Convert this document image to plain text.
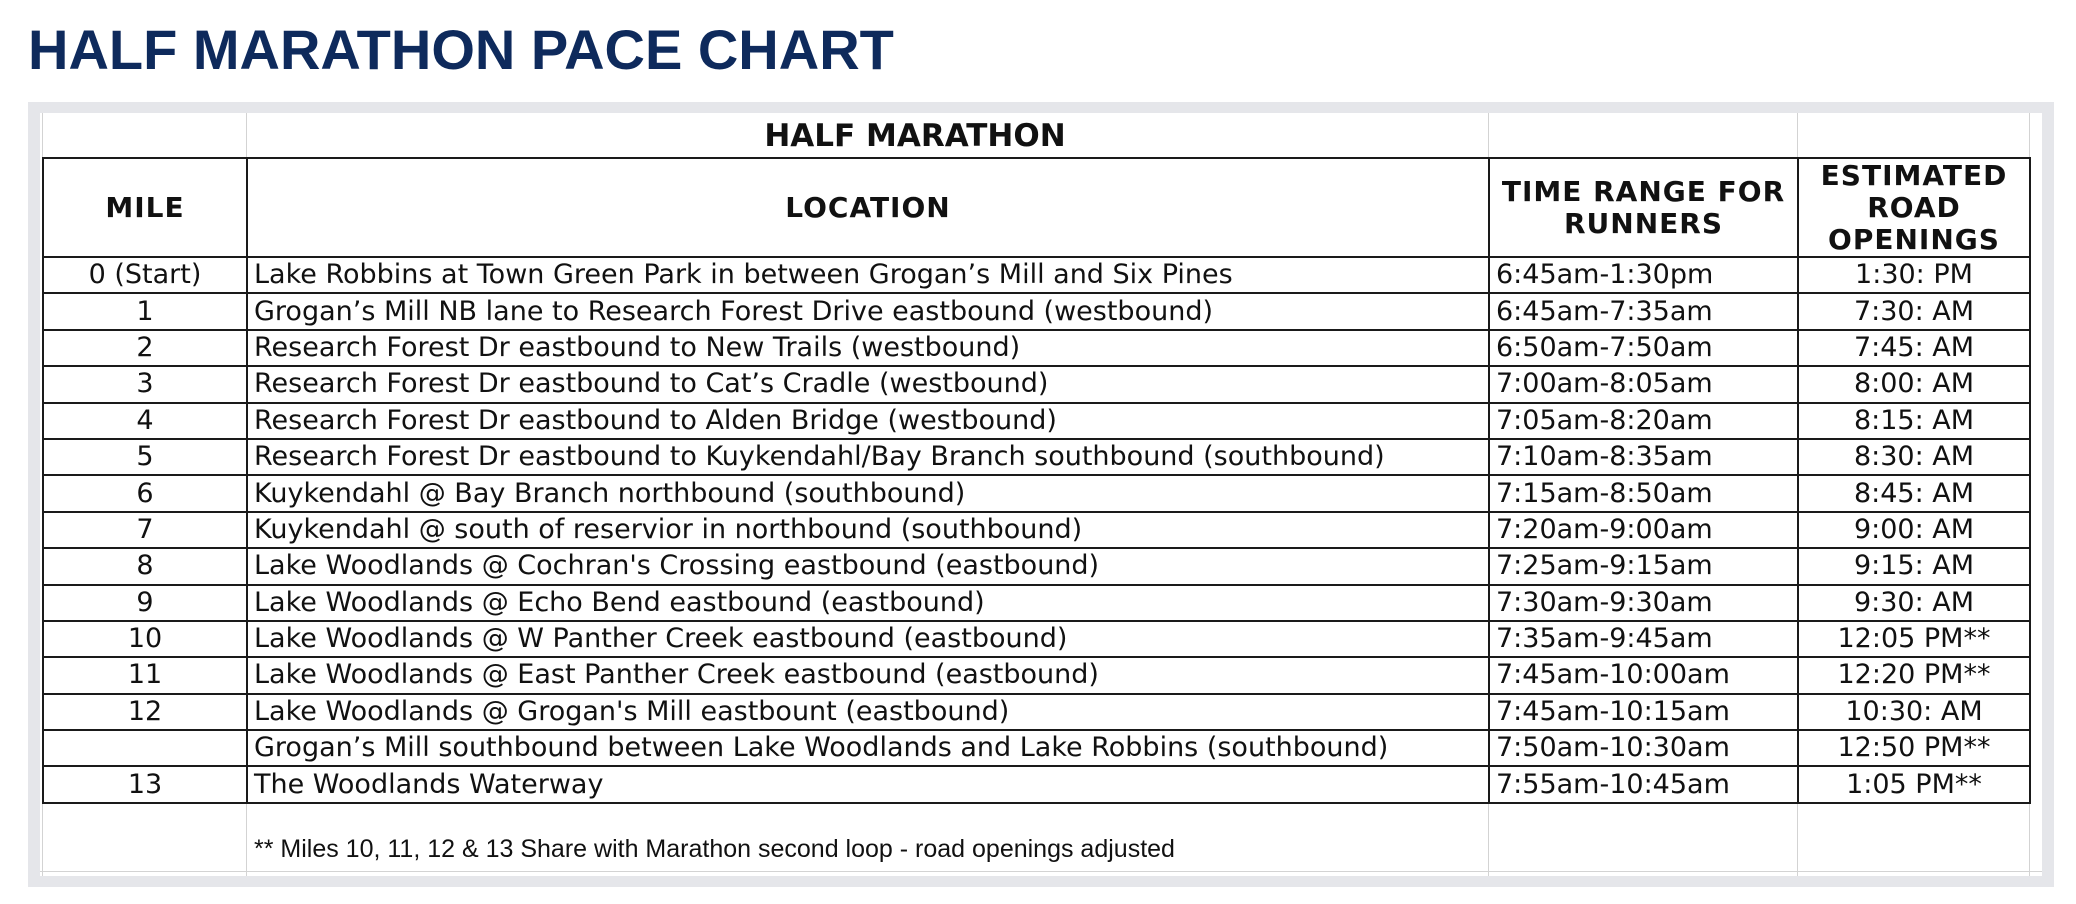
HALF MARATHON PACE CHART
HALF MARATHON
MILE	LOCATION	TIME RANGE FOR RUNNERS	ESTIMATED ROAD OPENINGS
0 (Start)	Lake Robbins at Town Green Park in between Grogan’s Mill and Six Pines	6:45am-1:30pm	1:30: PM
1	Grogan’s Mill NB lane to Research Forest Drive eastbound (westbound)	6:45am-7:35am	7:30: AM
2	Research Forest Dr eastbound to New Trails (westbound)	6:50am-7:50am	7:45: AM
3	Research Forest Dr eastbound to Cat’s Cradle (westbound)	7:00am-8:05am	8:00: AM
4	Research Forest Dr eastbound to Alden Bridge (westbound)	7:05am-8:20am	8:15: AM
5	Research Forest Dr eastbound to Kuykendahl/Bay Branch southbound (southbound)	7:10am-8:35am	8:30: AM
6	Kuykendahl @ Bay Branch northbound (southbound)	7:15am-8:50am	8:45: AM
7	Kuykendahl @ south of reservior in northbound (southbound)	7:20am-9:00am	9:00: AM
8	Lake Woodlands @ Cochran's Crossing eastbound (eastbound)	7:25am-9:15am	9:15: AM
9	Lake Woodlands @ Echo Bend eastbound (eastbound)	7:30am-9:30am	9:30: AM
10	Lake Woodlands @ W Panther Creek eastbound (eastbound)	7:35am-9:45am	12:05 PM**
11	Lake Woodlands @ East Panther Creek eastbound (eastbound)	7:45am-10:00am	12:20 PM**
12	Lake Woodlands @ Grogan's Mill eastbount (eastbound)	7:45am-10:15am	10:30: AM
	Grogan’s Mill southbound between Lake Woodlands and Lake Robbins (southbound)	7:50am-10:30am	12:50 PM**
13	The Woodlands Waterway	7:55am-10:45am	1:05 PM**
** Miles 10, 11, 12 & 13 Share with Marathon second loop - road openings adjusted
